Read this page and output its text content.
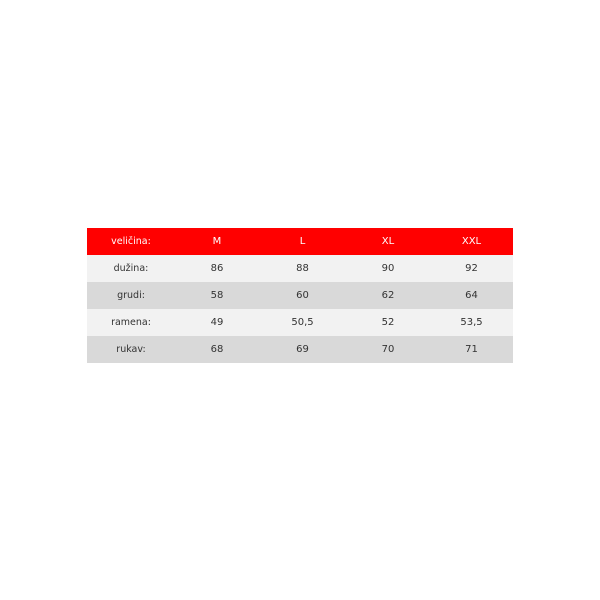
veličina:	M	L	XL	XXL
dužina:	86	88	90	92
grudi:	58	60	62	64
ramena:	49	50,5	52	53,5
rukav:	68	69	70	71
